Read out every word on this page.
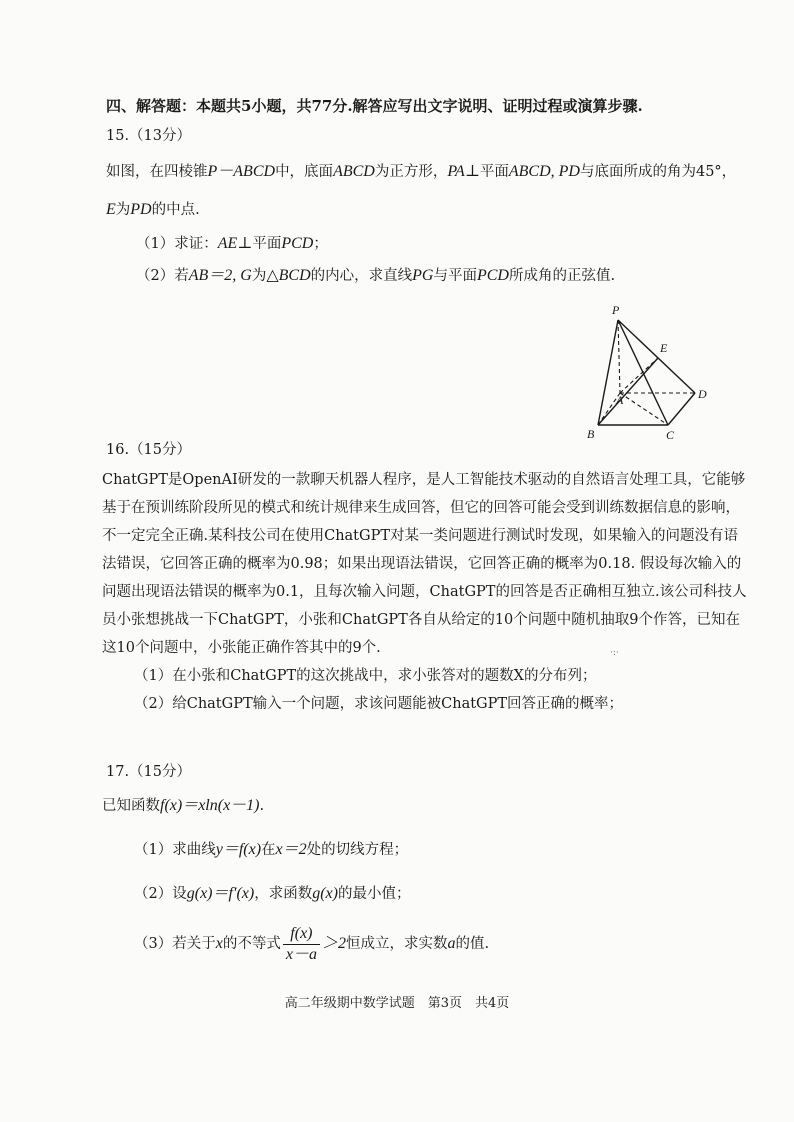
四、解答题：本题共5小题，共77分.解答应写出文字说明、证明过程或演算步骤.
15.（13分）
如图，在四棱锥P－ABCD中，底面ABCD为正方形，PA⊥平面ABCD, PD与底面所成的角为45°，
E为PD的中点.
（1）求证：AE⊥平面PCD；
（2）若AB＝2, G为△BCD的内心，求直线PG与平面PCD所成角的正弦值.
P
E
A	D
B	C
16.（15分）
ChatGPT是OpenAI研发的一款聊天机器人程序，是人工智能技术驱动的自然语言处理工具，它能够
基于在预训练阶段所见的模式和统计规律来生成回答，但它的回答可能会受到训练数据信息的影响，
不一定完全正确.某科技公司在使用ChatGPT对某一类问题进行测试时发现，如果输入的问题没有语
法错误，它回答正确的概率为0.98；如果出现语法错误，它回答正确的概率为0.18. 假设每次输入的
问题出现语法错误的概率为0.1，且每次输入问题，ChatGPT的回答是否正确相互独立.该公司科技人
员小张想挑战一下ChatGPT，小张和ChatGPT各自从给定的10个问题中随机抽取9个作答，已知在
这10个问题中，小张能正确作答其中的9个.	·:·
（1）在小张和ChatGPT的这次挑战中，求小张答对的题数X的分布列；
（2）给ChatGPT输入一个问题，求该问题能被ChatGPT回答正确的概率；
17.（15分）
已知函数f(x)＝xln(x－1).
（1）求曲线y＝f(x)在x＝2处的切线方程；
（2）设g(x)＝f′(x)，求函数g(x)的最小值；
（3）若关于x的不等式 $\frac{f(x)}{x-a} >2$恒成立，求实数a的值.
高二年级期中数学试题　第3页　共4页
